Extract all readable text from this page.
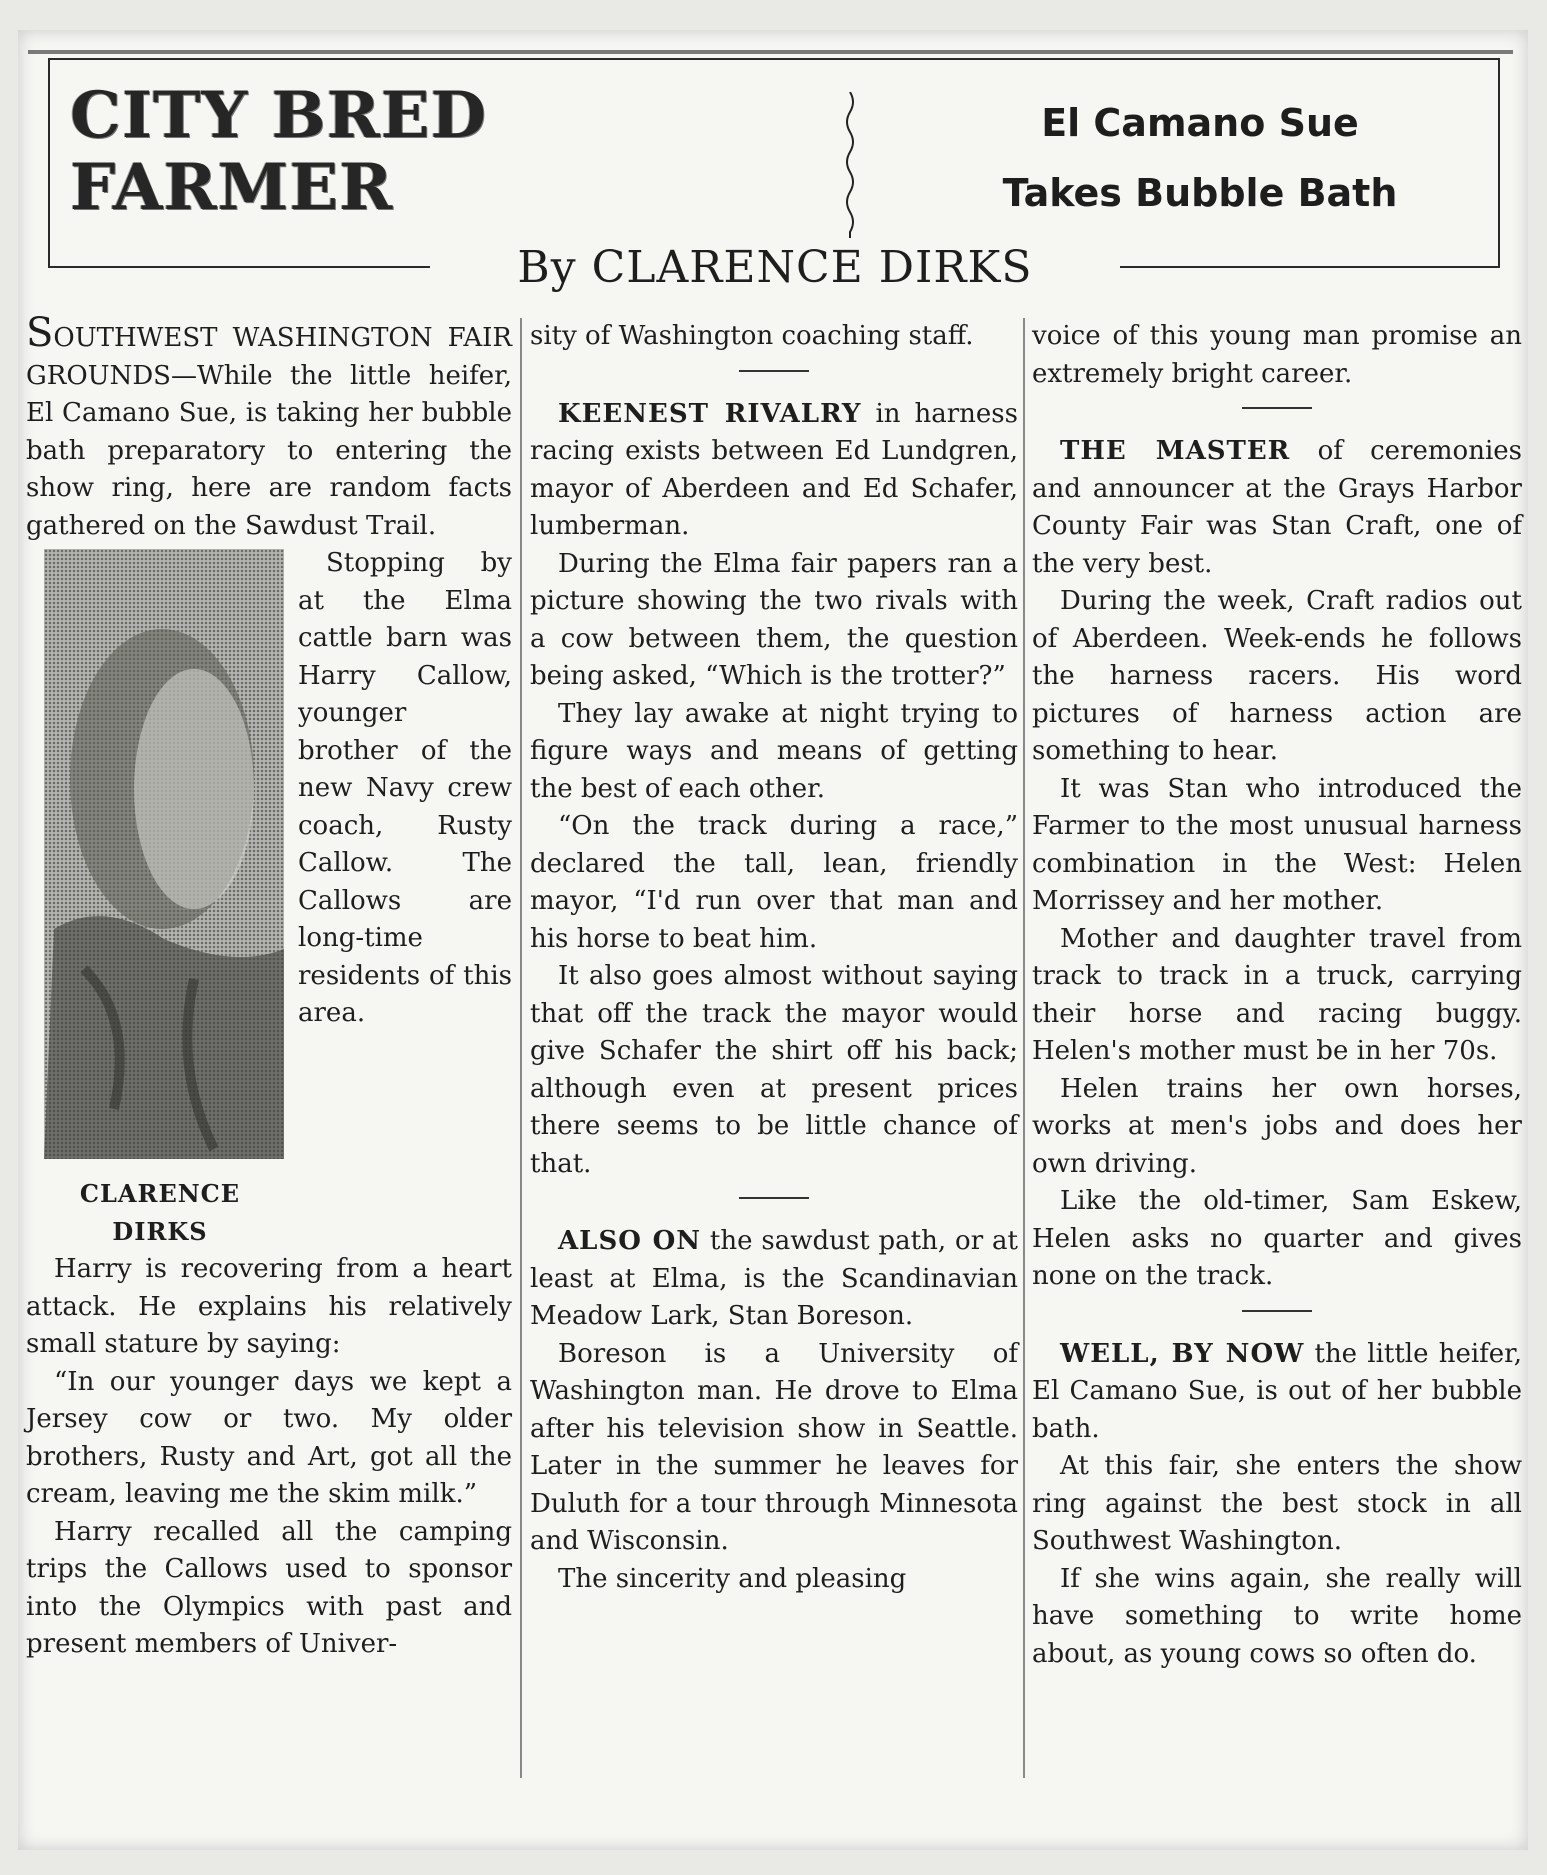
CITY BRED
FARMER
El Camano Sue
Takes Bubble Bath
By CLARENCE DIRKS

SOUTHWEST WASHINGTON FAIR GROUNDS—While the little heifer, El Camano Sue, is taking her bubble bath preparatory to entering the show ring, here are random facts gathered on the Sawdust Trail.

Stopping by at the Elma cattle barn was Harry Callow, younger brother of the new Navy crew coach, Rusty Callow. The Callows are long-time residents of this area.

CLARENCE
DIRKS

Harry is recovering from a heart attack. He explains his relatively small stature by saying:

“In our younger days we kept a Jersey cow or two. My older brothers, Rusty and Art, got all the cream, leaving me the skim milk.”

Harry recalled all the camping trips the Callows used to sponsor into the Olympics with past and present members of Univer-

sity of Washington coaching staff.

KEENEST RIVALRY in harness racing exists between Ed Lundgren, mayor of Aberdeen and Ed Schafer, lumberman.

During the Elma fair papers ran a picture showing the two rivals with a cow between them, the question being asked, “Which is the trotter?”

They lay awake at night trying to figure ways and means of getting the best of each other.

“On the track during a race,” declared the tall, lean, friendly mayor, “I'd run over that man and his horse to beat him.

It also goes almost without saying that off the track the mayor would give Schafer the shirt off his back; although even at present prices there seems to be little chance of that.

ALSO ON the sawdust path, or at least at Elma, is the Scandinavian Meadow Lark, Stan Boreson.

Boreson is a University of Washington man. He drove to Elma after his television show in Seattle. Later in the summer he leaves for Duluth for a tour through Minnesota and Wisconsin.

The sincerity and pleasing

voice of this young man promise an extremely bright career.

THE MASTER of ceremonies and announcer at the Grays Harbor County Fair was Stan Craft, one of the very best.

During the week, Craft radios out of Aberdeen. Week-ends he follows the harness racers. His word pictures of harness action are something to hear.

It was Stan who introduced the Farmer to the most unusual harness combination in the West: Helen Morrissey and her mother.

Mother and daughter travel from track to track in a truck, carrying their horse and racing buggy. Helen's mother must be in her 70s.

Helen trains her own horses, works at men's jobs and does her own driving.

Like the old-timer, Sam Eskew, Helen asks no quarter and gives none on the track.

WELL, BY NOW the little heifer, El Camano Sue, is out of her bubble bath.

At this fair, she enters the show ring against the best stock in all Southwest Washington.

If she wins again, she really will have something to write home about, as young cows so often do.
